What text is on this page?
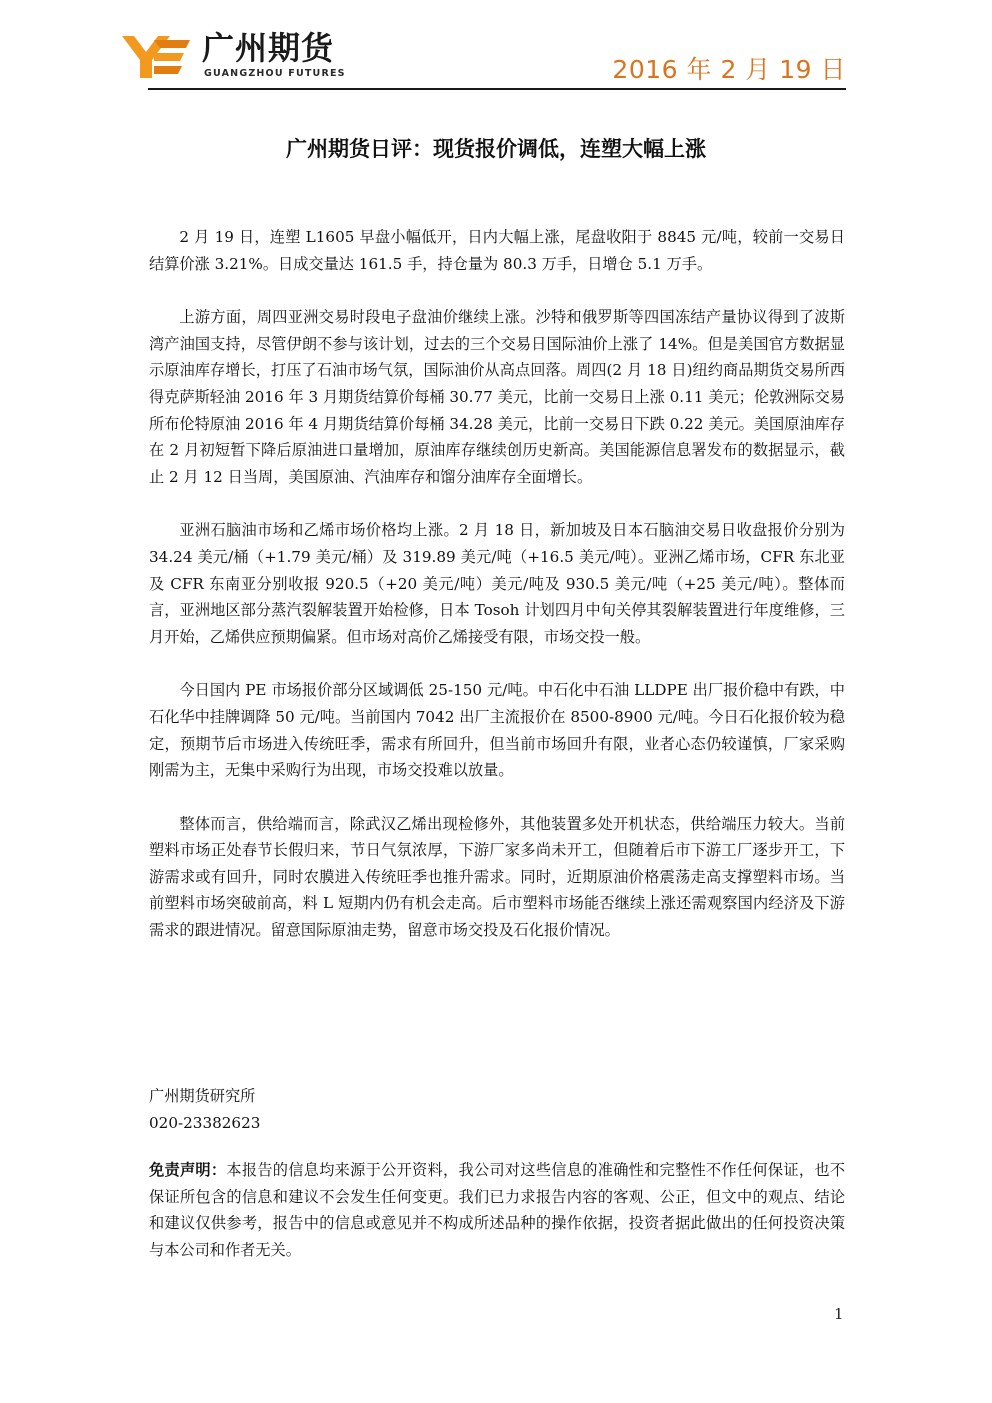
广州期货
GUANGZHOU FUTURES	2016 年 2 月 19 日
广州期货日评：现货报价调低，连塑大幅上涨

2 月 19 日，连塑 L1605 早盘小幅低开，日内大幅上涨，尾盘收阳于 8845 元/吨，较前一交易日结算价涨 3.21%。日成交量达 161.5 手，持仓量为 80.3 万手，日增仓 5.1 万手。

上游方面，周四亚洲交易时段电子盘油价继续上涨。沙特和俄罗斯等四国冻结产量协议得到了波斯湾产油国支持，尽管伊朗不参与该计划，过去的三个交易日国际油价上涨了 14%。但是美国官方数据显示原油库存增长，打压了石油市场气氛，国际油价从高点回落。周四(2 月 18 日)纽约商品期货交易所西得克萨斯轻油 2016 年 3 月期货结算价每桶 30.77 美元，比前一交易日上涨 0.11 美元；伦敦洲际交易所布伦特原油 2016 年 4 月期货结算价每桶 34.28 美元，比前一交易日下跌 0.22 美元。美国原油库存在 2 月初短暂下降后原油进口量增加，原油库存继续创历史新高。美国能源信息署发布的数据显示，截止 2 月 12 日当周，美国原油、汽油库存和馏分油库存全面增长。

亚洲石脑油市场和乙烯市场价格均上涨。2 月 18 日，新加坡及日本石脑油交易日收盘报价分别为 34.24 美元/桶（+1.79 美元/桶）及 319.89 美元/吨（+16.5 美元/吨）。亚洲乙烯市场，CFR 东北亚及 CFR 东南亚分别收报 920.5（+20 美元/吨）美元/吨及 930.5 美元/吨（+25 美元/吨）。整体而言，亚洲地区部分蒸汽裂解装置开始检修，日本 Tosoh 计划四月中旬关停其裂解装置进行年度维修，三月开始，乙烯供应预期偏紧。但市场对高价乙烯接受有限，市场交投一般。

今日国内 PE 市场报价部分区域调低 25-150 元/吨。中石化中石油 LLDPE 出厂报价稳中有跌，中石化华中挂牌调降 50 元/吨。当前国内 7042 出厂主流报价在 8500-8900 元/吨。今日石化报价较为稳定，预期节后市场进入传统旺季，需求有所回升，但当前市场回升有限，业者心态仍较谨慎，厂家采购刚需为主，无集中采购行为出现，市场交投难以放量。

整体而言，供给端而言，除武汉乙烯出现检修外，其他装置多处开机状态，供给端压力较大。当前塑料市场正处春节长假归来，节日气氛浓厚，下游厂家多尚未开工，但随着后市下游工厂逐步开工，下游需求或有回升，同时农膜进入传统旺季也推升需求。同时，近期原油价格震荡走高支撑塑料市场。当前塑料市场突破前高，料 L 短期内仍有机会走高。后市塑料市场能否继续上涨还需观察国内经济及下游需求的跟进情况。留意国际原油走势，留意市场交投及石化报价情况。

广州期货研究所
020-23382623
免责声明：本报告的信息均来源于公开资料，我公司对这些信息的准确性和完整性不作任何保证，也不保证所包含的信息和建议不会发生任何变更。我们已力求报告内容的客观、公正，但文中的观点、结论和建议仅供参考，报告中的信息或意见并不构成所述品种的操作依据，投资者据此做出的任何投资决策与本公司和作者无关。
1
